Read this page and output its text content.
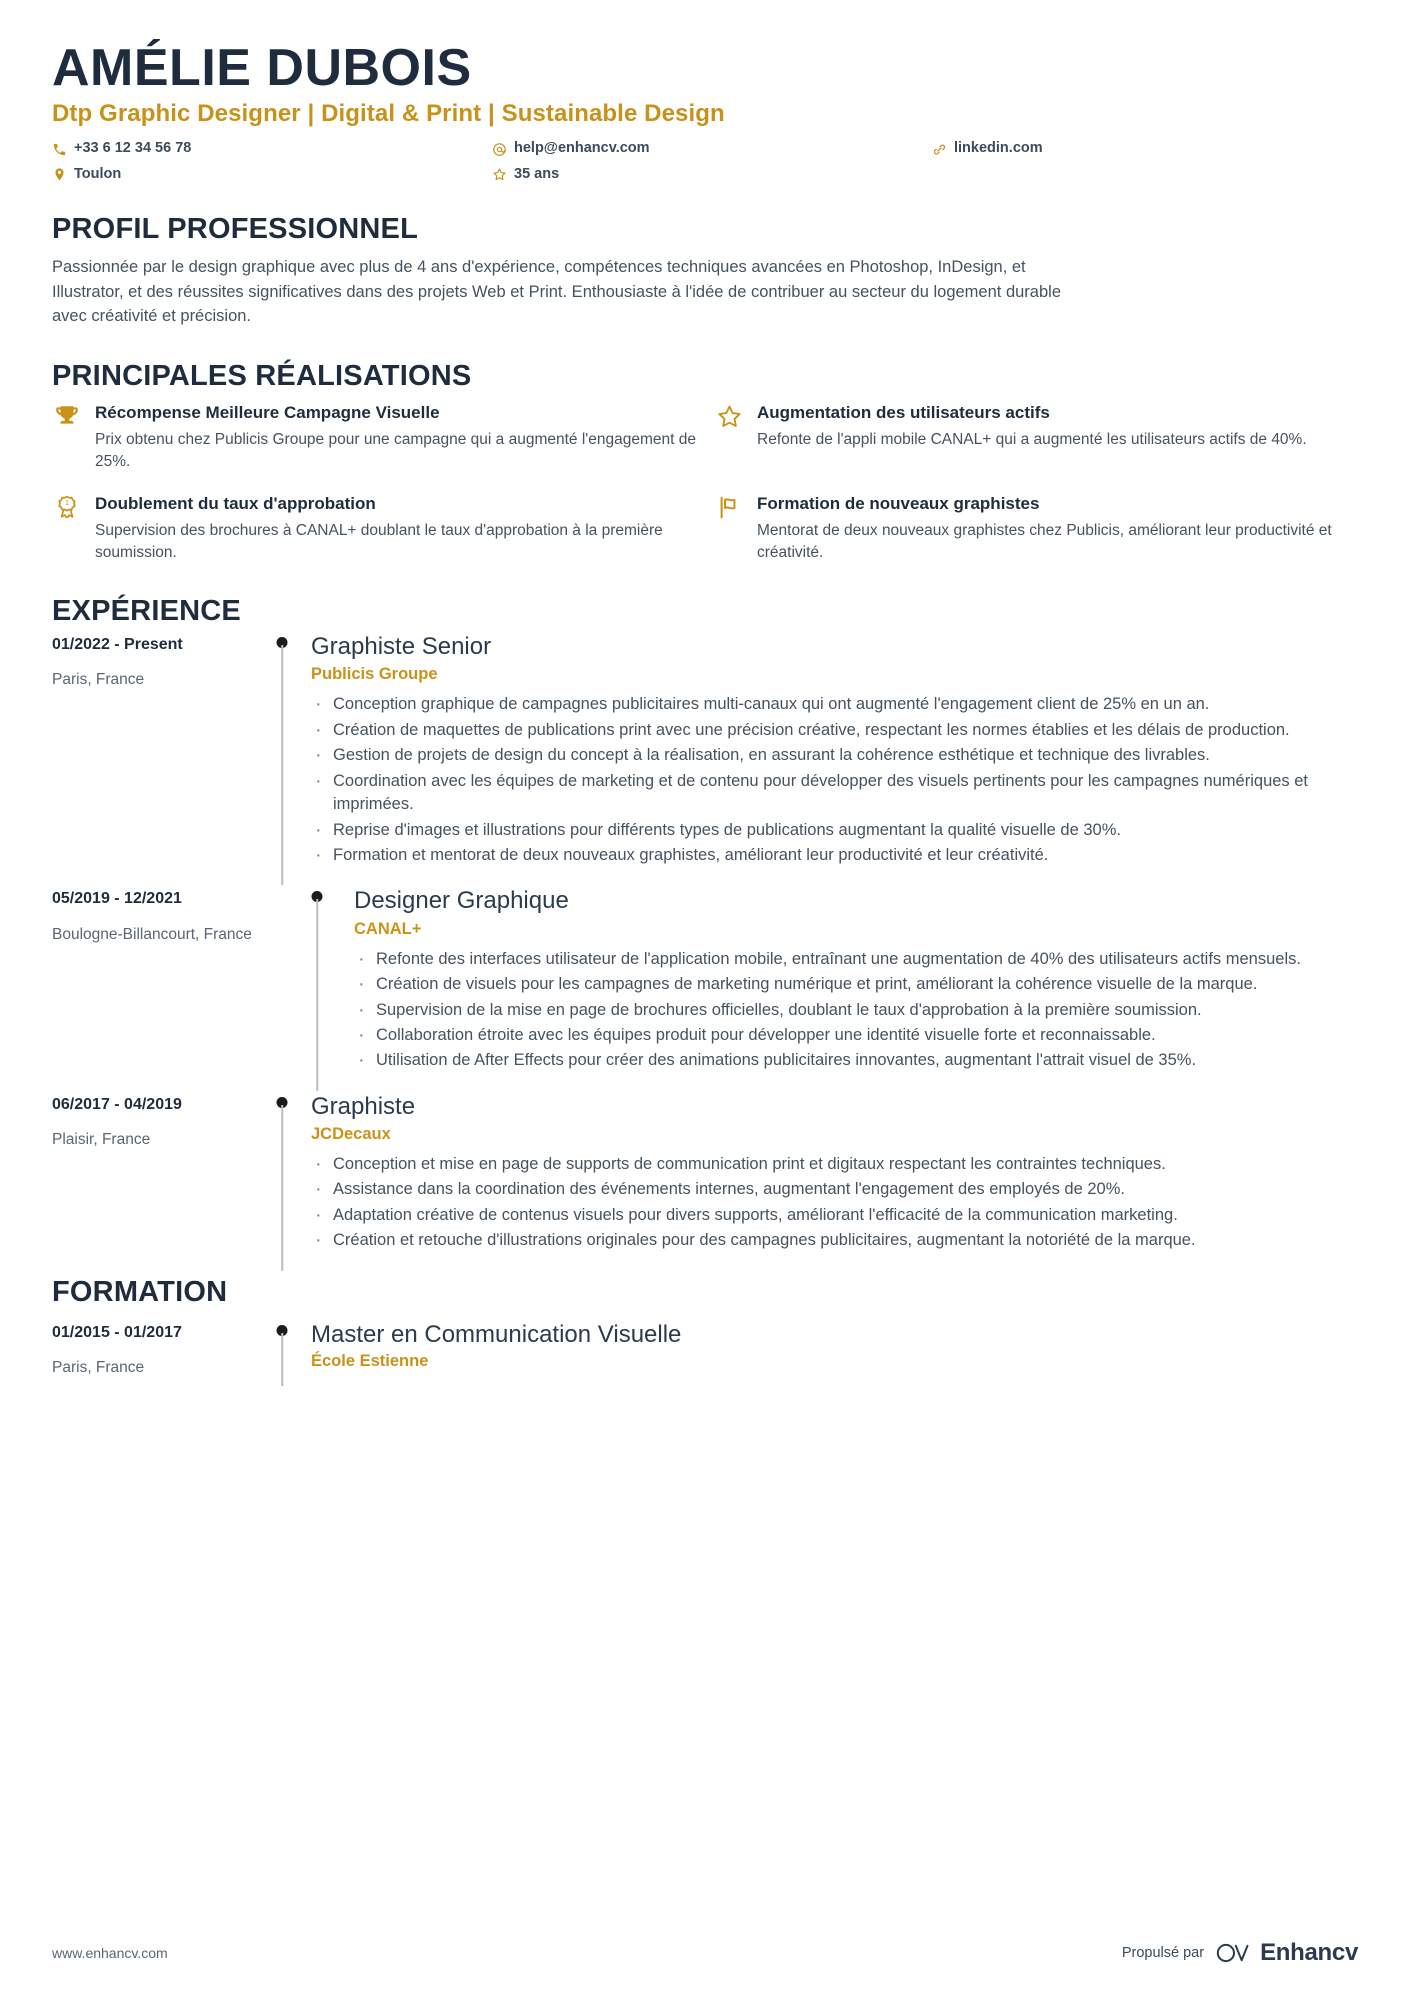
AMÉLIE DUBOIS
Dtp Graphic Designer | Digital & Print | Sustainable Design
+33 6 12 34 56 78	help@enhancv.com	linkedin.com
Toulon	35 ans
PROFIL PROFESSIONNEL

Passionnée par le design graphique avec plus de 4 ans d'expérience, compétences techniques avancées en Photoshop, InDesign, et Illustrator, et des réussites significatives dans des projets Web et Print. Enthousiaste à l'idée de contribuer au secteur du logement durable avec créativité et précision.

PRINCIPALES RÉALISATIONS
Récompense Meilleure Campagne Visuelle
Prix obtenu chez Publicis Groupe pour une campagne qui a augmenté l'engagement de 25%.
Augmentation des utilisateurs actifs
Refonte de l'appli mobile CANAL+ qui a augmenté les utilisateurs actifs de 40%.
1 Doublement du taux d'approbation
Supervision des brochures à CANAL+ doublant le taux d'approbation à la première soumission.
Formation de nouveaux graphistes
Mentorat de deux nouveaux graphistes chez Publicis, améliorant leur productivité et créativité.
EXPÉRIENCE
01/2022 - Present
Paris, France
Graphiste Senior
Publicis Groupe
· Conception graphique de campagnes publicitaires multi-canaux qui ont augmenté l'engagement client de 25% en un an.
· Création de maquettes de publications print avec une précision créative, respectant les normes établies et les délais de production.
· Gestion de projets de design du concept à la réalisation, en assurant la cohérence esthétique et technique des livrables.
· Coordination avec les équipes de marketing et de contenu pour développer des visuels pertinents pour les campagnes numériques et imprimées.
· Reprise d'images et illustrations pour différents types de publications augmentant la qualité visuelle de 30%.
· Formation et mentorat de deux nouveaux graphistes, améliorant leur productivité et leur créativité.
05/2019 - 12/2021
Boulogne-Billancourt, France
Designer Graphique
CANAL+
· Refonte des interfaces utilisateur de l'application mobile, entraînant une augmentation de 40% des utilisateurs actifs mensuels.
· Création de visuels pour les campagnes de marketing numérique et print, améliorant la cohérence visuelle de la marque.
· Supervision de la mise en page de brochures officielles, doublant le taux d'approbation à la première soumission.
· Collaboration étroite avec les équipes produit pour développer une identité visuelle forte et reconnaissable.
· Utilisation de After Effects pour créer des animations publicitaires innovantes, augmentant l'attrait visuel de 35%.
06/2017 - 04/2019
Plaisir, France
Graphiste
JCDecaux
· Conception et mise en page de supports de communication print et digitaux respectant les contraintes techniques.
· Assistance dans la coordination des événements internes, augmentant l'engagement des employés de 20%.
· Adaptation créative de contenus visuels pour divers supports, améliorant l'efficacité de la communication marketing.
· Création et retouche d'illustrations originales pour des campagnes publicitaires, augmentant la notoriété de la marque.
FORMATION
01/2015 - 01/2017
Paris, France
Master en Communication Visuelle
École Estienne
www.enhancv.com	Propulsé par Enhancv
